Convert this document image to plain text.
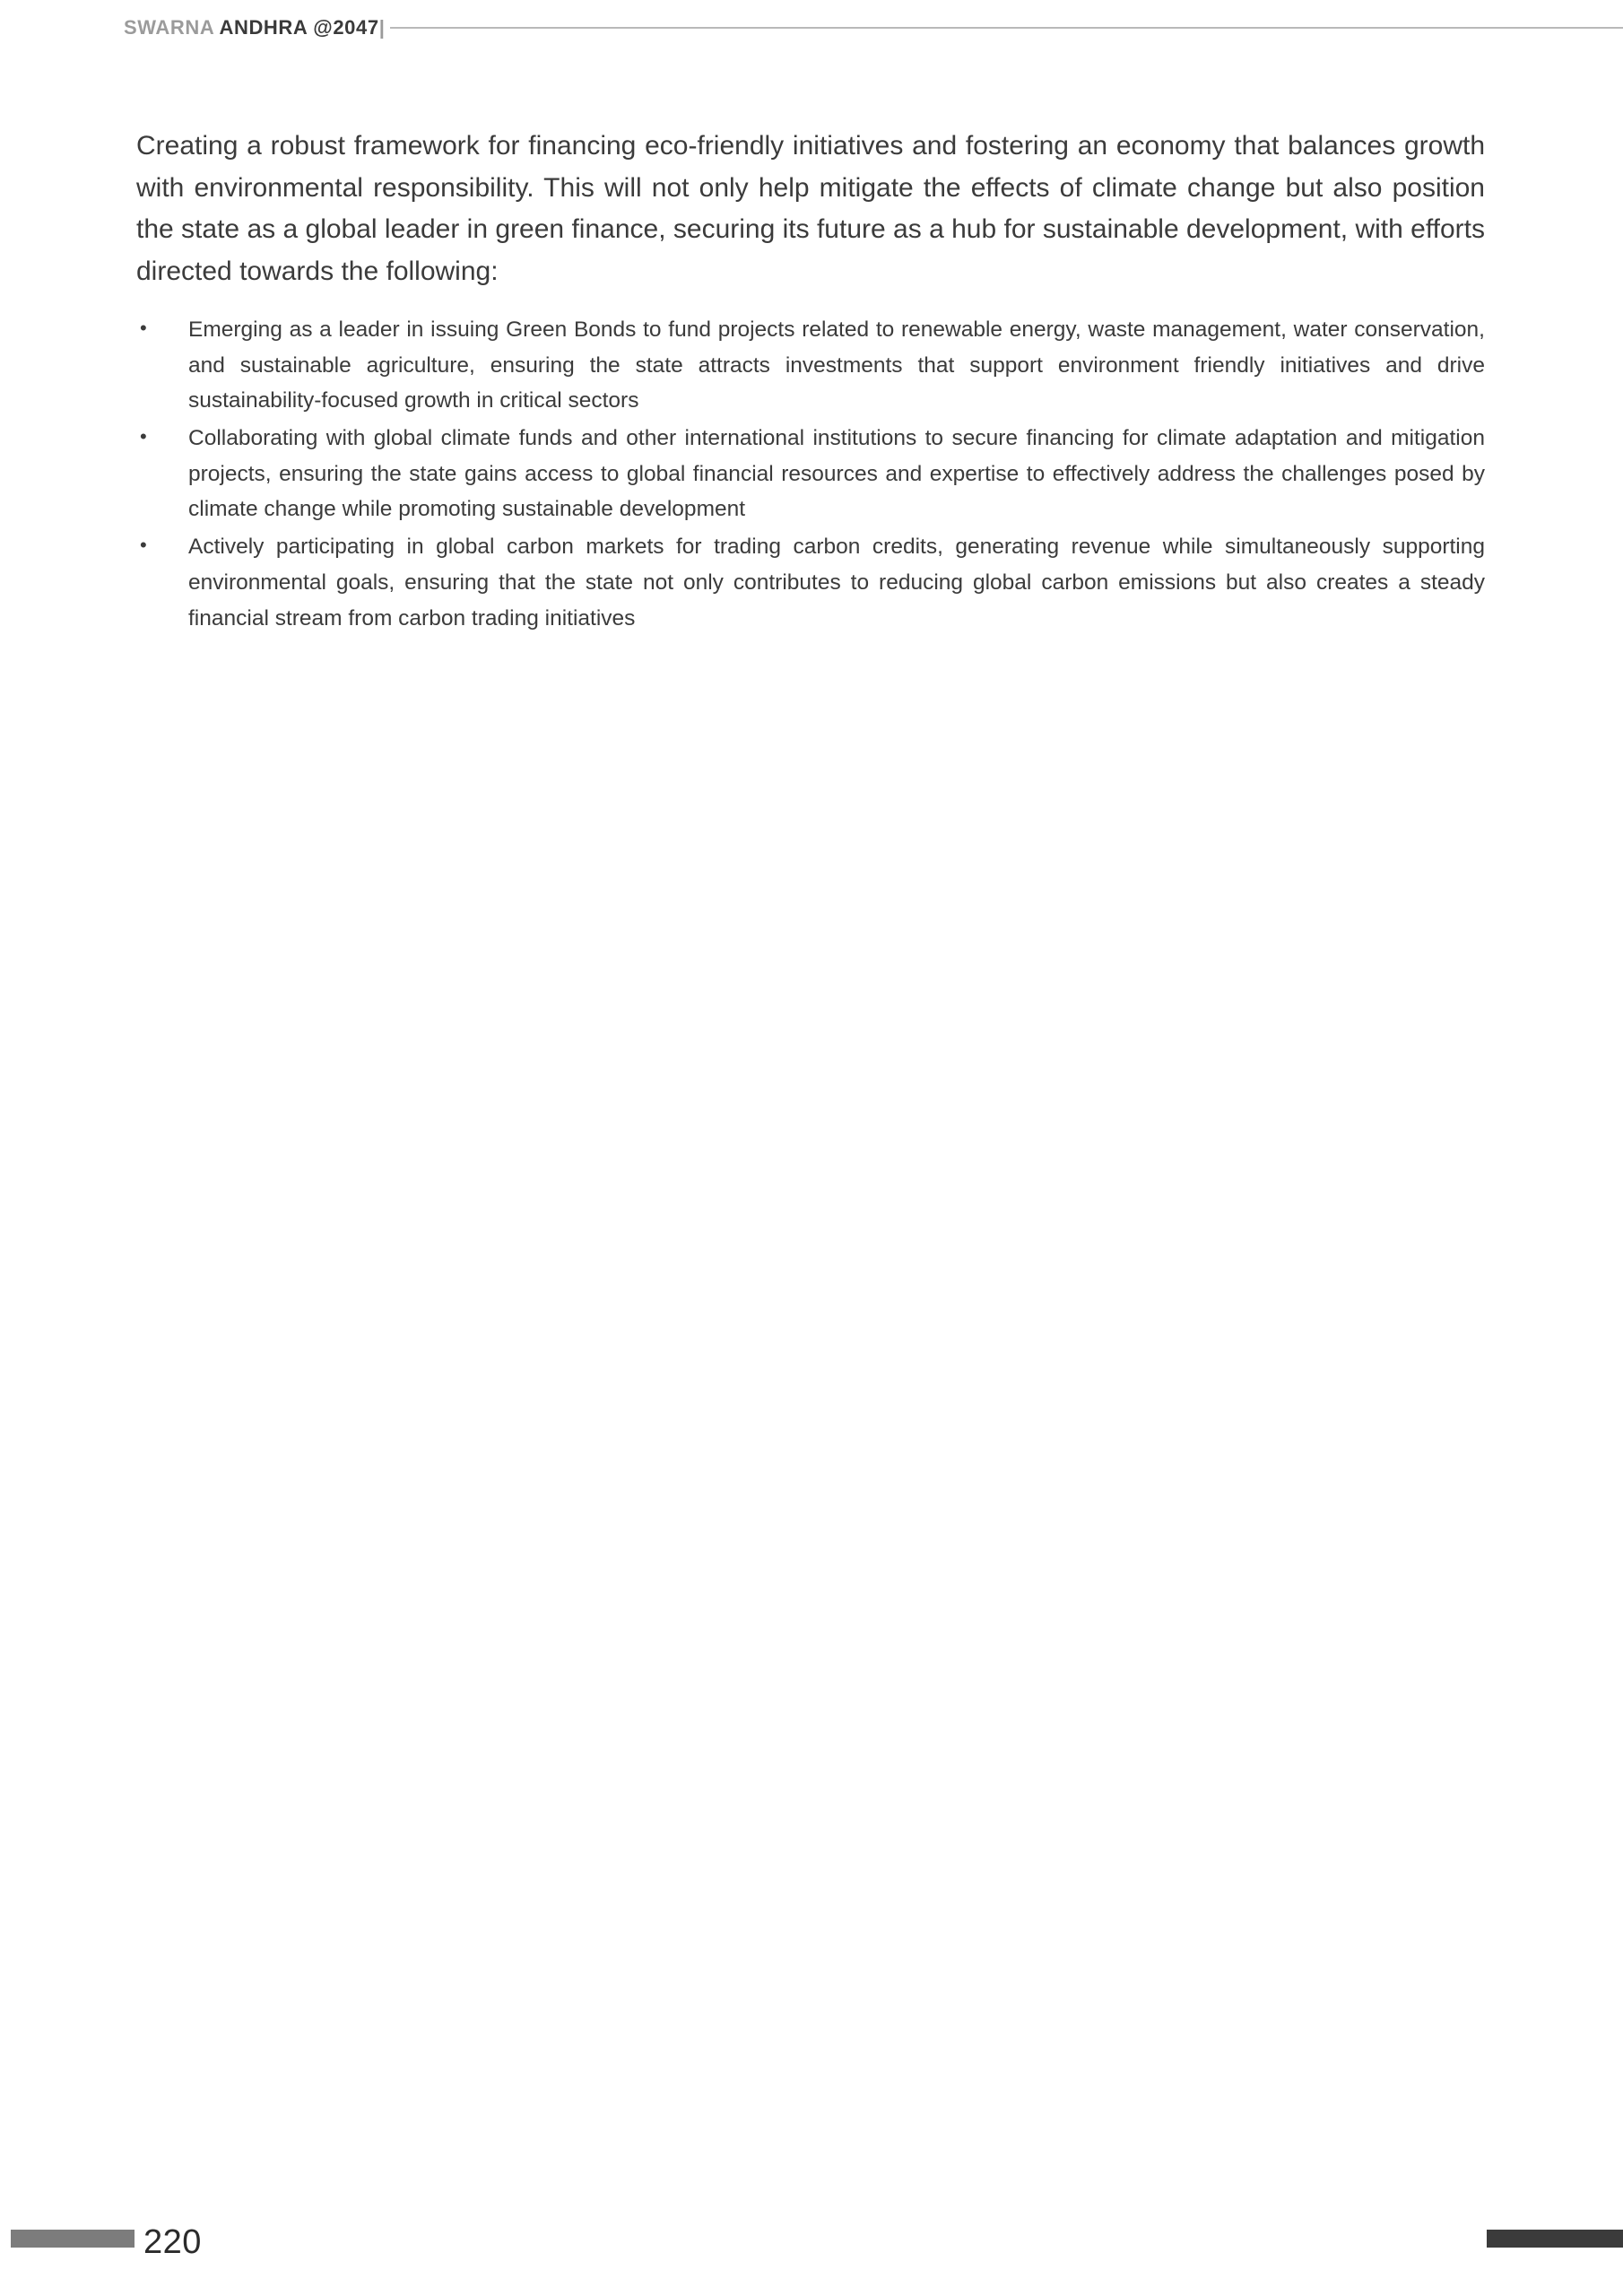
SWARNA ANDHRA @2047|

Creating a robust framework for financing eco-friendly initiatives and fostering an economy that balances growth with environmental responsibility. This will not only help mitigate the effects of climate change but also position the state as a global leader in green finance, securing its future as a hub for sustainable development, with efforts directed towards the following:

• Emerging as a leader in issuing Green Bonds to fund projects related to renewable energy, waste management, water conservation, and sustainable agriculture, ensuring the state attracts investments that support environment friendly initiatives and drive sustainability-focused growth in critical sectors
• Collaborating with global climate funds and other international institutions to secure financing for climate adaptation and mitigation projects, ensuring the state gains access to global financial resources and expertise to effectively address the challenges posed by climate change while promoting sustainable development
• Actively participating in global carbon markets for trading carbon credits, generating revenue while simultaneously supporting environmental goals, ensuring that the state not only contributes to reducing global carbon emissions but also creates a steady financial stream from carbon trading initiatives
220
